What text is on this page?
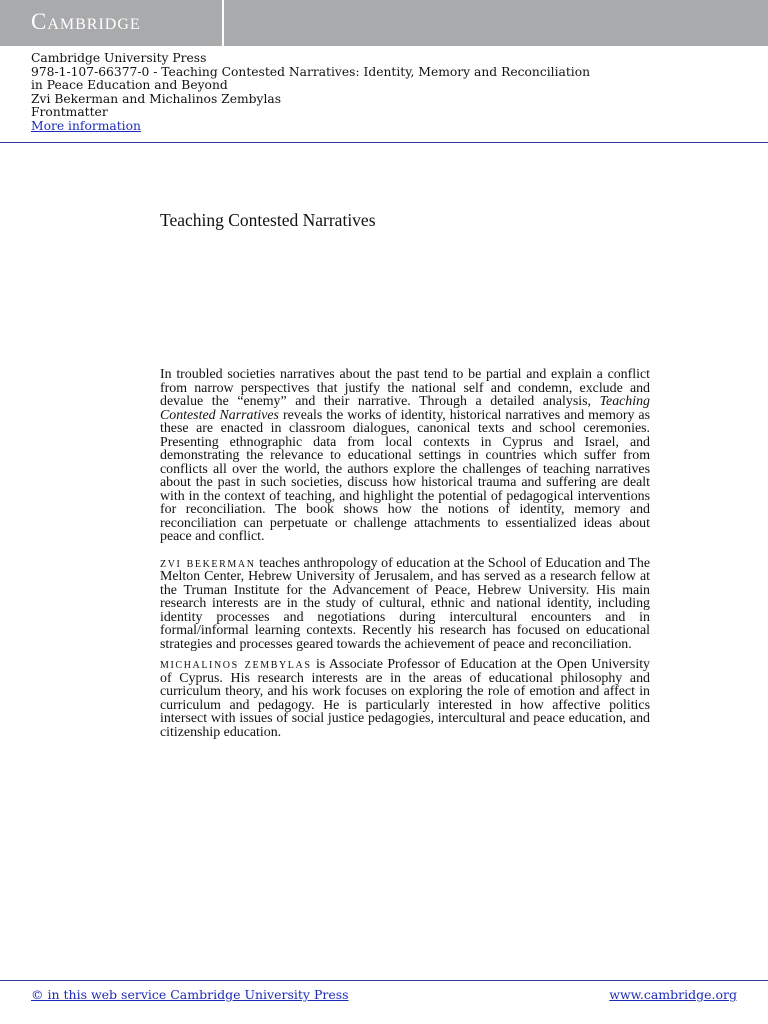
Cambridge
Cambridge University Press
978-1-107-66377-0 - Teaching Contested Narratives: Identity, Memory and Reconciliation
in Peace Education and Beyond
Zvi Bekerman and Michalinos Zembylas
Frontmatter
More information
Teaching Contested Narratives

In troubled societies narratives about the past tend to be partial and explain a conflict from narrow perspectives that justify the national self and condemn, exclude and devalue the “enemy” and their narrative. Through a detailed analysis, Teaching Contested Narratives reveals the works of identity, historical narratives and memory as these are enacted in classroom dialogues, canonical texts and school ceremonies. Presenting ethnographic data from local contexts in Cyprus and Israel, and demonstrating the relevance to educational settings in countries which suffer from conflicts all over the world, the authors explore the challenges of teaching narratives about the past in such societies, discuss how historical trauma and suffering are dealt with in the context of teaching, and highlight the potential of pedagogical interventions for reconciliation. The book shows how the notions of identity, memory and reconciliation can perpetuate or challenge attachments to essentialized ideas about peace and conflict.

zvi bekerman teaches anthropology of education at the School of Education and The Melton Center, Hebrew University of Jerusalem, and has served as a research fellow at the Truman Institute for the Advancement of Peace, Hebrew University. His main research interests are in the study of cultural, ethnic and national identity, including identity processes and negotiations during intercultural encounters and in formal/informal learning contexts. Recently his research has focused on educational strategies and processes geared towards the achievement of peace and reconciliation.

michalinos zembylas is Associate Professor of Education at the Open University of Cyprus. His research interests are in the areas of educational philosophy and curriculum theory, and his work focuses on exploring the role of emotion and affect in curriculum and pedagogy. He is particularly interested in how affective politics intersect with issues of social justice pedagogies, intercultural and peace education, and citizenship education.

© in this web service Cambridge University Press	www.cambridge.org
